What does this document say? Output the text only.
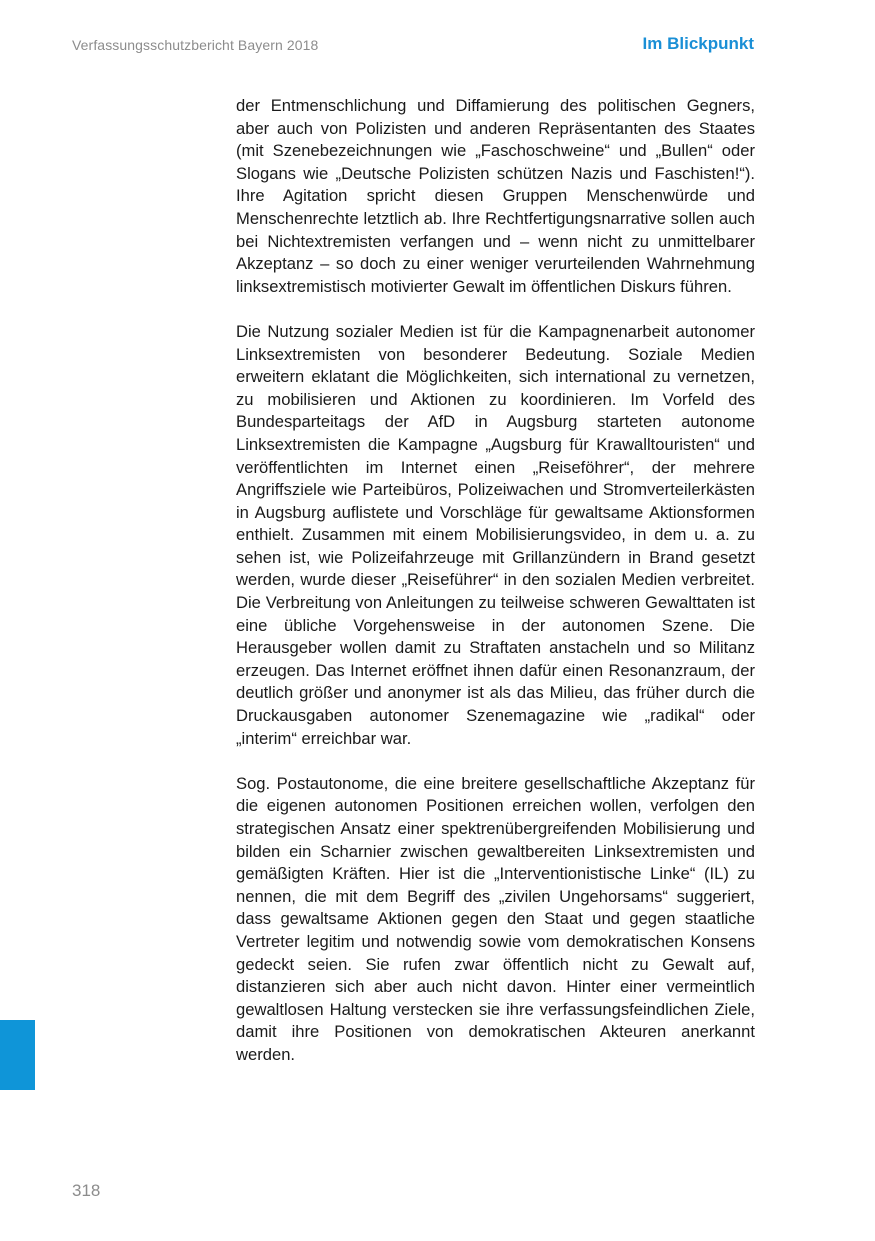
Verfassungsschutzbericht Bayern 2018	Im Blickpunkt

der Entmenschlichung und Diffamierung des politischen Gegners, aber auch von Polizisten und anderen Repräsentanten des Staates (mit Szenebezeichnungen wie „Faschoschweine“ und „Bullen“ oder Slogans wie „Deutsche Polizisten schützen Nazis und Faschisten!“). Ihre Agitation spricht diesen Gruppen Menschenwürde und Menschenrechte letztlich ab. Ihre Rechtfertigungsnarrative sollen auch bei Nichtextremisten verfangen und – wenn nicht zu unmittelbarer Akzeptanz – so doch zu einer weniger verurteilenden Wahrnehmung linksextremistisch motivierter Gewalt im öffentlichen Diskurs führen.

Die Nutzung sozialer Medien ist für die Kampagnenarbeit autonomer Linksextremisten von besonderer Bedeutung. Soziale Medien erweitern eklatant die Möglichkeiten, sich international zu vernetzen, zu mobilisieren und Aktionen zu koordinieren. Im Vorfeld des Bundesparteitags der AfD in Augsburg starteten autonome Linksextremisten die Kampagne „Augsburg für Krawalltouristen“ und veröffentlichten im Internet einen „Reiseföhrer“, der mehrere Angriffsziele wie Parteibüros, Polizeiwachen und Stromverteilerkästen in Augsburg auflistete und Vorschläge für gewaltsame Aktionsformen enthielt. Zusammen mit einem Mobilisierungsvideo, in dem u. a. zu sehen ist, wie Polizeifahrzeuge mit Grillanzündern in Brand gesetzt werden, wurde dieser „Reiseführer“ in den sozialen Medien verbreitet. Die Verbreitung von Anleitungen zu teilweise schweren Gewalttaten ist eine übliche Vorgehensweise in der autonomen Szene. Die Herausgeber wollen damit zu Straftaten anstacheln und so Militanz erzeugen. Das Internet eröffnet ihnen dafür einen Resonanzraum, der deutlich größer und anonymer ist als das Milieu, das früher durch die Druckausgaben autonomer Szenemagazine wie „radikal“ oder „interim“ erreichbar war.

Sog. Postautonome, die eine breitere gesellschaftliche Akzeptanz für die eigenen autonomen Positionen erreichen wollen, verfolgen den strategischen Ansatz einer spektrenübergreifenden Mobilisierung und bilden ein Scharnier zwischen gewaltbereiten Linksextremisten und gemäßigten Kräften. Hier ist die „Interventionistische Linke“ (IL) zu nennen, die mit dem Begriff des „zivilen Ungehorsams“ suggeriert, dass gewaltsame Aktionen gegen den Staat und gegen staatliche Vertreter legitim und notwendig sowie vom demokratischen Konsens gedeckt seien. Sie rufen zwar öffentlich nicht zu Gewalt auf, distanzieren sich aber auch nicht davon. Hinter einer vermeintlich gewaltlosen Haltung verstecken sie ihre verfassungsfeindlichen Ziele, damit ihre Positionen von demokratischen Akteuren anerkannt werden.

318
